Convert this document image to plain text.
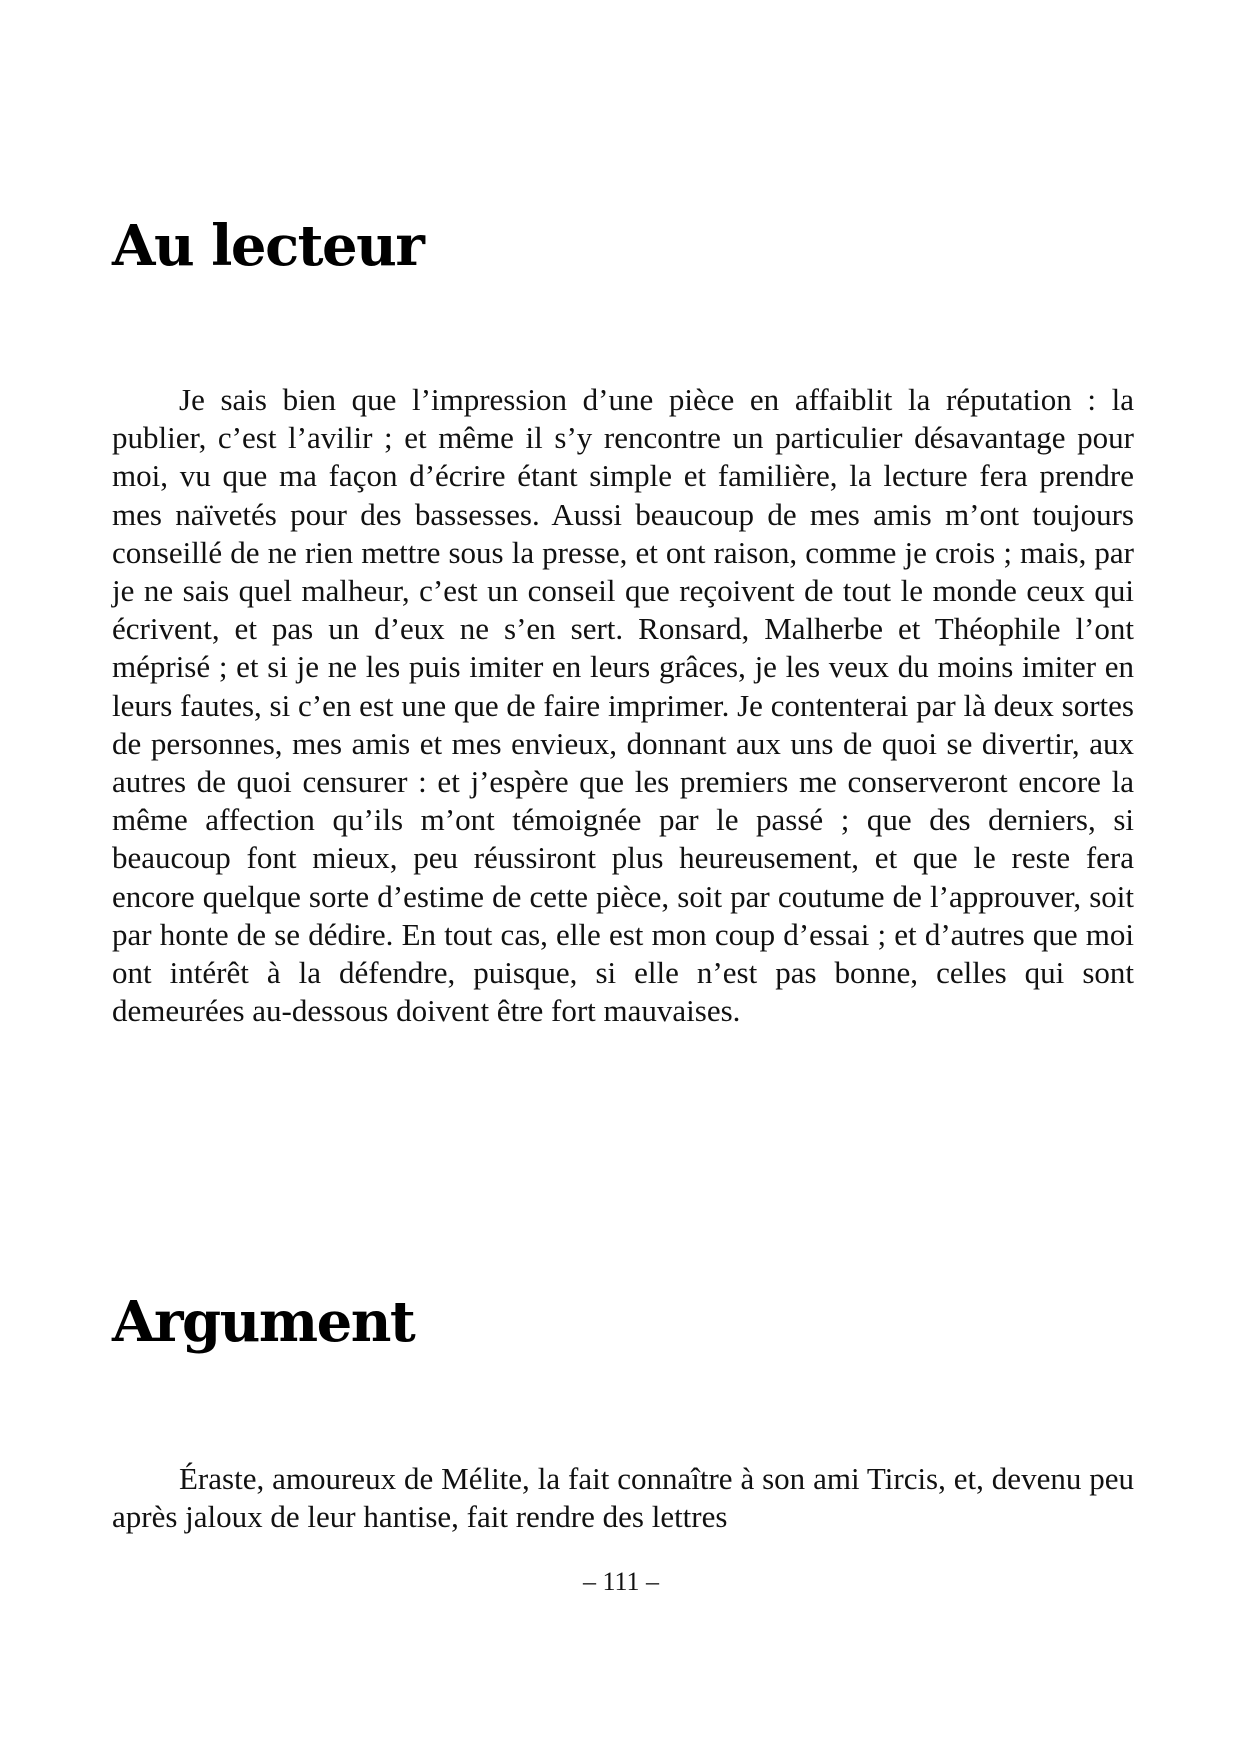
Au lecteur

Je sais bien que l’impression d’une pièce en affaiblit la réputation : la publier, c’est l’avilir ; et même il s’y rencontre un particulier désavantage pour moi, vu que ma façon d’écrire étant simple et familière, la lecture fera prendre mes naïvetés pour des bassesses. Aussi beaucoup de mes amis m’ont toujours conseillé de ne rien mettre sous la presse, et ont raison, comme je crois ; mais, par je ne sais quel malheur, c’est un conseil que reçoivent de tout le monde ceux qui écrivent, et pas un d’eux ne s’en sert. Ronsard, Malherbe et Théophile l’ont méprisé ; et si je ne les puis imiter en leurs grâces, je les veux du moins imiter en leurs fautes, si c’en est une que de faire imprimer. Je contenterai par là deux sortes de personnes, mes amis et mes envieux, donnant aux uns de quoi se divertir, aux autres de quoi censurer : et j’espère que les premiers me conserveront encore la même affection qu’ils m’ont témoignée par le passé ; que des derniers, si beaucoup font mieux, peu réussiront plus heureusement, et que le reste fera encore quelque sorte d’estime de cette pièce, soit par coutume de l’approuver, soit par honte de se dédire. En tout cas, elle est mon coup d’essai ; et d’autres que moi ont intérêt à la défendre, puisque, si elle n’est pas bonne, celles qui sont demeurées au-dessous doivent être fort mauvaises.

Argument

Éraste, amoureux de Mélite, la fait connaître à son ami Tircis, et, devenu peu après jaloux de leur hantise, fait rendre des lettres

– 111 –
